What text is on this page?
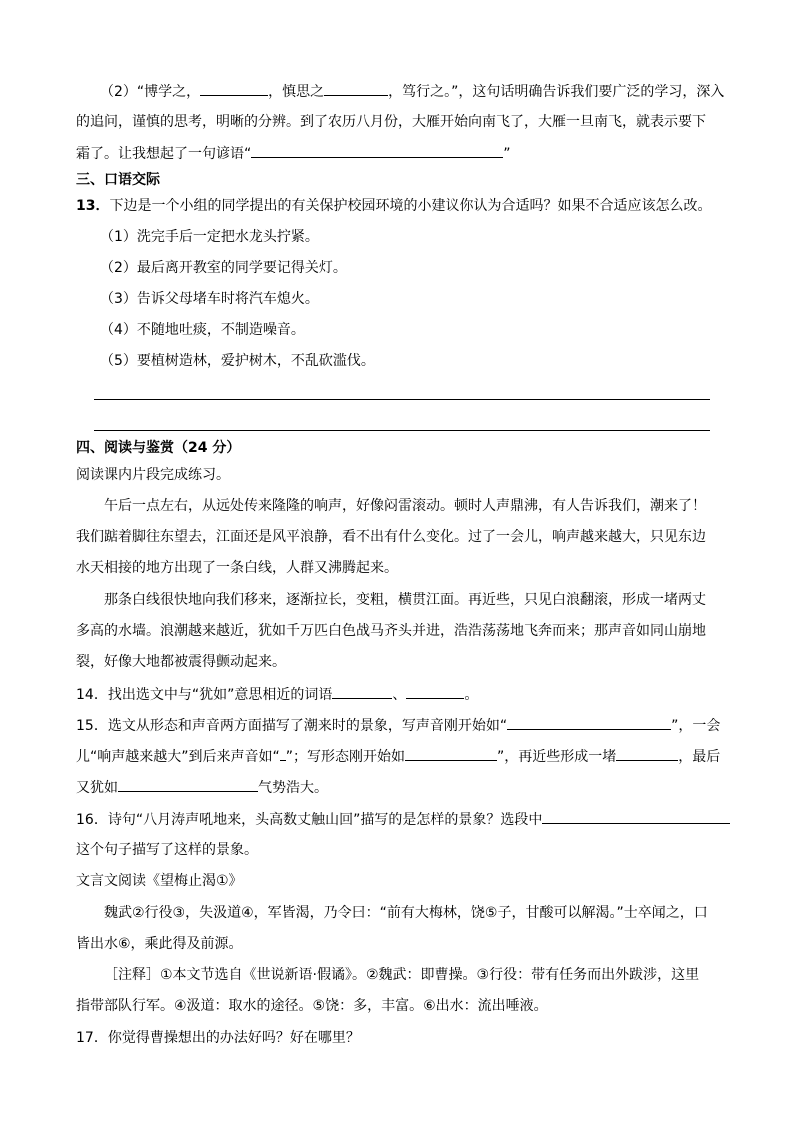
（2）“博学之，	，慎思之	，笃行之。”，这句话明确告诉我们要广泛的学习，深入
的追问，谨慎的思考，明晰的分辨。到了农历八月份，大雁开始向南飞了，大雁一旦南飞，就表示要下
霜了。让我想起了一句谚语“	”
三、口语交际
13．下边是一个小组的同学提出的有关保护校园环境的小建议你认为合适吗？如果不合适应该怎么改。
（1）洗完手后一定把水龙头拧紧。
（2）最后离开教室的同学要记得关灯。
（3）告诉父母堵车时将汽车熄火。
（4）不随地吐痰，不制造噪音。
（5）要植树造林，爱护树木，不乱砍滥伐。
四、阅读与鉴赏（24 分）
阅读课内片段完成练习。
午后一点左右，从远处传来隆隆的响声，好像闷雷滚动。顿时人声鼎沸，有人告诉我们，潮来了！
我们踮着脚往东望去，江面还是风平浪静，看不出有什么变化。过了一会儿，响声越来越大，只见东边
水天相接的地方出现了一条白线，人群又沸腾起来。
那条白线很快地向我们移来，逐渐拉长，变粗，横贯江面。再近些，只见白浪翻滚，形成一堵两丈
多高的水墙。浪潮越来越近，犹如千万匹白色战马齐头并进，浩浩荡荡地飞奔而来；那声音如同山崩地
裂，好像大地都被震得颤动起来。
14．找出选文中与“犹如”意思相近的词语	、	。
15．选文从形态和声音两方面描写了潮来时的景象，写声音刚开始如“	”，一会
儿“响声越来越大”到后来声音如“ ”；写形态刚开始如	”，再近些形成一堵	，最后
又犹如	气势浩大。
16．诗句“八月涛声吼地来，头高数丈触山回”描写的是怎样的景象？选段中
这个句子描写了这样的景象。
文言文阅读《望梅止渴①》
魏武②行役③，失汲道④，军皆渴，乃令曰：“前有大梅林，饶⑤子，甘酸可以解渴。”士卒闻之，口
皆出水⑥，乘此得及前源。
［注释］①本文节选自《世说新语·假谲》。②魏武：即曹操。③行役：带有任务而出外跋涉，这里
指带部队行军。④汲道：取水的途径。⑤饶：多，丰富。⑥出水：流出唾液。
17．你觉得曹操想出的办法好吗？好在哪里？
